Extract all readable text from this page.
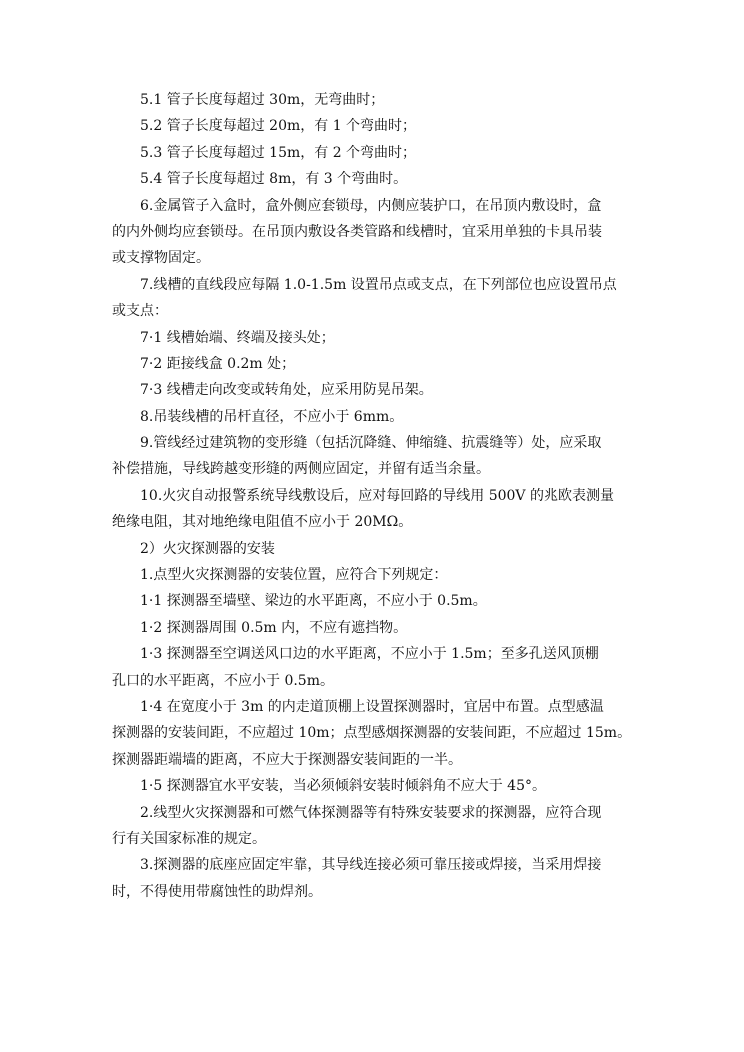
5.1 管子长度每超过 30m，无弯曲时；
5.2 管子长度每超过 20m，有 1 个弯曲时；
5.3 管子长度每超过 15m，有 2 个弯曲时；
5.4 管子长度每超过 8m，有 3 个弯曲时。
6.金属管子入盒时，盒外侧应套锁母，内侧应装护口，在吊顶内敷设时，盒
的内外侧均应套锁母。在吊顶内敷设各类管路和线槽时，宜采用单独的卡具吊装
或支撑物固定。
7.线槽的直线段应每隔 1.0-1.5m 设置吊点或支点，在下列部位也应设置吊点
或支点：
7·1 线槽始端、终端及接头处；
7·2 距接线盒 0.2m 处；
7·3 线槽走向改变或转角处，应采用防晃吊架。
8.吊装线槽的吊杆直径，不应小于 6mm。
9.管线经过建筑物的变形缝（包括沉降缝、伸缩缝、抗震缝等）处，应采取
补偿措施，导线跨越变形缝的两侧应固定，并留有适当余量。
10.火灾自动报警系统导线敷设后，应对每回路的导线用 500V 的兆欧表测量
绝缘电阻，其对地绝缘电阻值不应小于 20MΩ。
2）火灾探测器的安装
1.点型火灾探测器的安装位置，应符合下列规定：
1·1 探测器至墙壁、梁边的水平距离，不应小于 0.5m。
1·2 探测器周围 0.5m 内，不应有遮挡物。
1·3 探测器至空调送风口边的水平距离，不应小于 1.5m；至多孔送风顶棚
孔口的水平距离，不应小于 0.5m。
1·4 在宽度小于 3m 的内走道顶棚上设置探测器时，宜居中布置。点型感温
探测器的安装间距，不应超过 10m；点型感烟探测器的安装间距，不应超过 15m。
探测器距端墙的距离，不应大于探测器安装间距的一半。
1·5 探测器宜水平安装，当必须倾斜安装时倾斜角不应大于 45°。
2.线型火灾探测器和可燃气体探测器等有特殊安装要求的探测器，应符合现
行有关国家标准的规定。
3.探测器的底座应固定牢靠，其导线连接必须可靠压接或焊接，当采用焊接
时，不得使用带腐蚀性的助焊剂。
